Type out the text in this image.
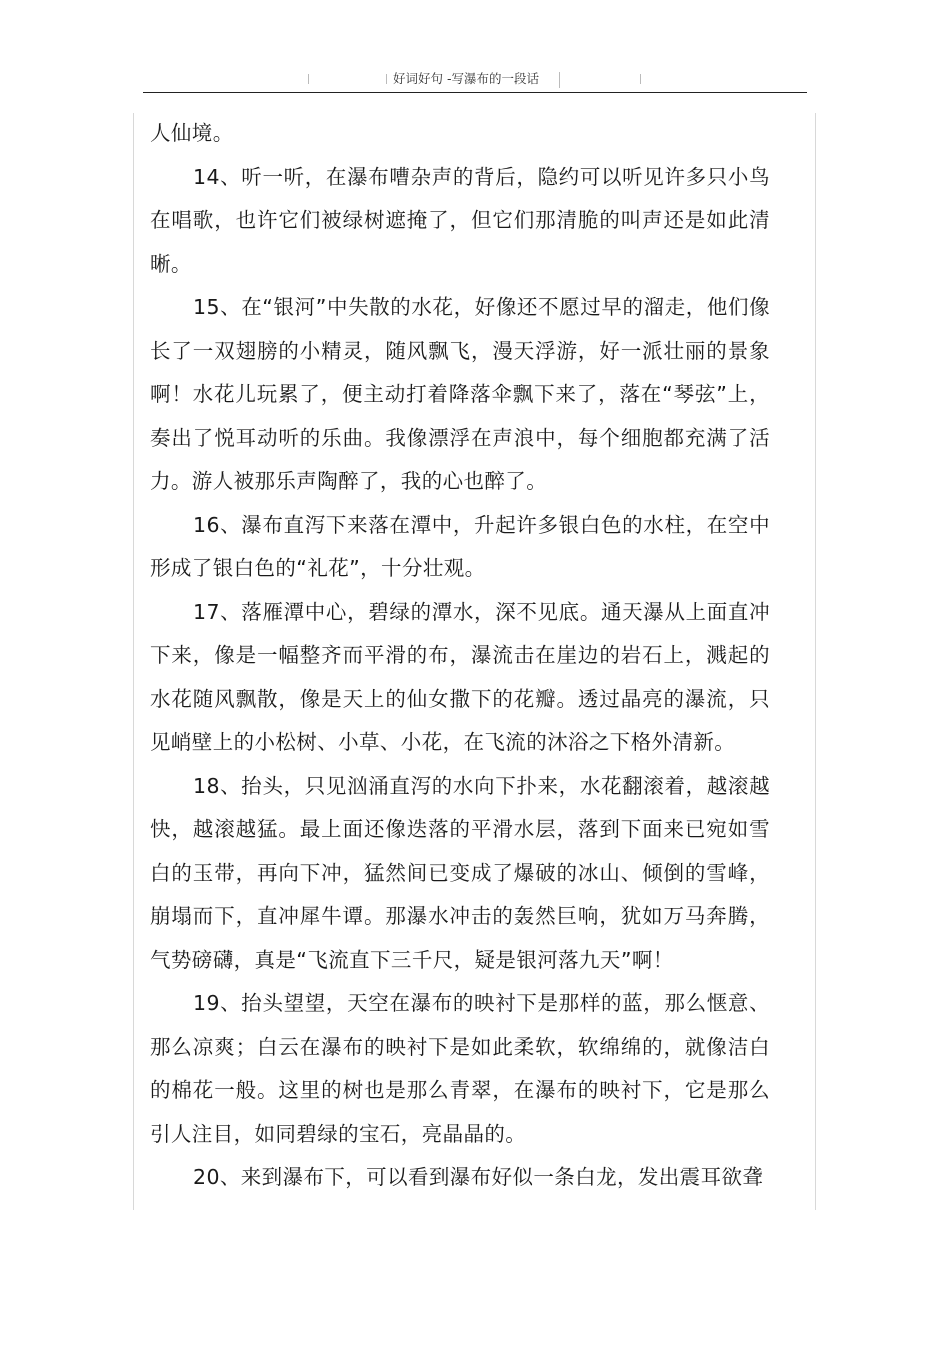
好词好句 -写瀑布的一段话

人仙境。

14、听一听，在瀑布嘈杂声的背后，隐约可以听见许多只小鸟在唱歌，也许它们被绿树遮掩了，但它们那清脆的叫声还是如此清晰。

15、在“银河”中失散的水花，好像还不愿过早的溜走，他们像长了一双翅膀的小精灵，随风飘飞，漫天浮游，好一派壮丽的景象啊！水花儿玩累了，便主动打着降落伞飘下来了，落在“琴弦”上，奏出了悦耳动听的乐曲。我像漂浮在声浪中，每个细胞都充满了活力。游人被那乐声陶醉了，我的心也醉了。

16、瀑布直泻下来落在潭中，升起许多银白色的水柱，在空中形成了银白色的“礼花”，十分壮观。

17、落雁潭中心，碧绿的潭水，深不见底。通天瀑从上面直冲下来，像是一幅整齐而平滑的布，瀑流击在崖边的岩石上，溅起的水花随风飘散，像是天上的仙女撒下的花瓣。透过晶亮的瀑流，只见峭壁上的小松树、小草、小花，在飞流的沐浴之下格外清新。

18、抬头，只见汹涌直泻的水向下扑来，水花翻滚着，越滚越快，越滚越猛。最上面还像迭落的平滑水层，落到下面来已宛如雪白的玉带，再向下冲，猛然间已变成了爆破的冰山、倾倒的雪峰，崩塌而下，直冲犀牛谭。那瀑水冲击的轰然巨响，犹如万马奔腾，气势磅礴，真是“飞流直下三千尺，疑是银河落九天”啊！

19、抬头望望，天空在瀑布的映衬下是那样的蓝，那么惬意、那么凉爽；白云在瀑布的映衬下是如此柔软，软绵绵的，就像洁白的棉花一般。这里的树也是那么青翠，在瀑布的映衬下，它是那么引人注目，如同碧绿的宝石，亮晶晶的。

20、来到瀑布下，可以看到瀑布好似一条白龙，发出震耳欲聋
